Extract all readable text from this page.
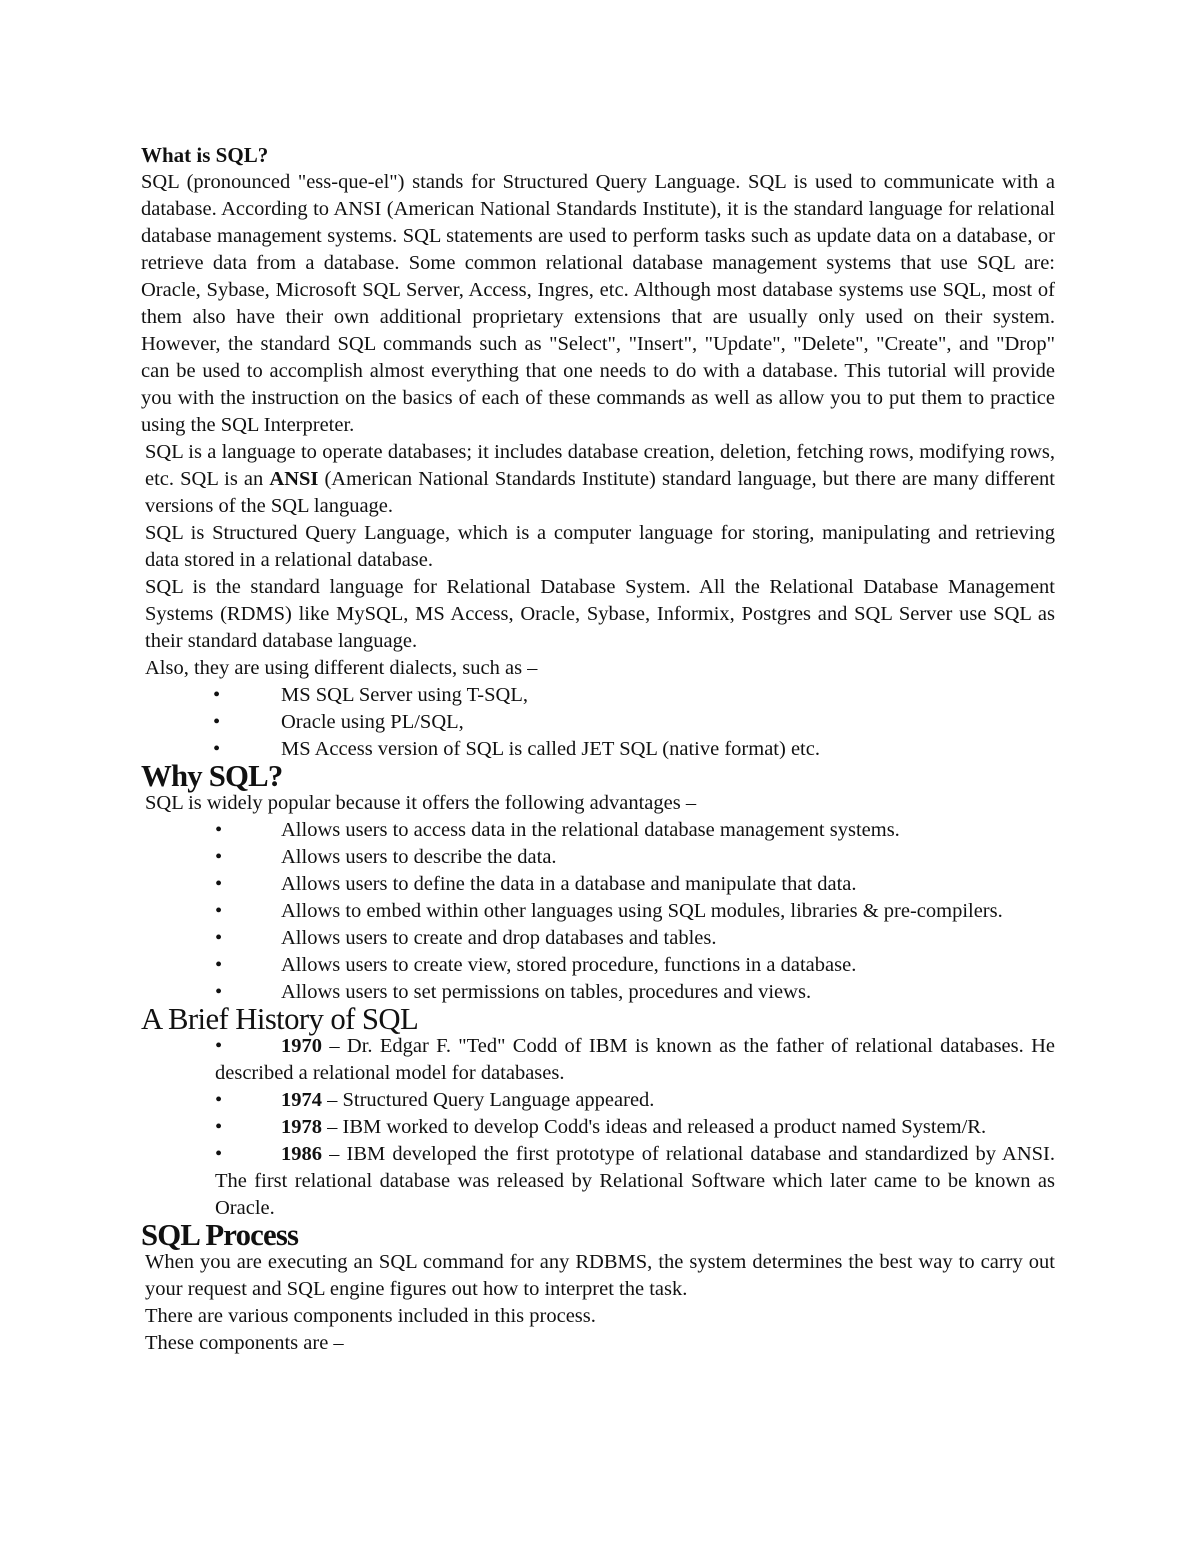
What is SQL?

SQL (pronounced "ess-que-el") stands for Structured Query Language. SQL is used to communicate with a database. According to ANSI (American National Standards Institute), it is the standard language for relational database management systems. SQL statements are used to perform tasks such as update data on a database, or retrieve data from a database. Some common relational database management systems that use SQL are: Oracle, Sybase, Microsoft SQL Server, Access, Ingres, etc. Although most database systems use SQL, most of them also have their own additional proprietary extensions that are usually only used on their system. However, the standard SQL commands such as "Select", "Insert", "Update", "Delete", "Create", and "Drop" can be used to accomplish almost everything that one needs to do with a database. This tutorial will provide you with the instruction on the basics of each of these commands as well as allow you to put them to practice using the SQL Interpreter.

SQL is a language to operate databases; it includes database creation, deletion, fetching rows, modifying rows, etc. SQL is an ANSI (American National Standards Institute) standard language, but there are many different versions of the SQL language.

SQL is Structured Query Language, which is a computer language for storing, manipulating and retrieving data stored in a relational database.

SQL is the standard language for Relational Database System. All the Relational Database Management Systems (RDMS) like MySQL, MS Access, Oracle, Sybase, Informix, Postgres and SQL Server use SQL as their standard database language.

Also, they are using different dialects, such as –

•	MS SQL Server using T-SQL,
•	Oracle using PL/SQL,
•	MS Access version of SQL is called JET SQL (native format) etc.
Why SQL?

SQL is widely popular because it offers the following advantages –

•	Allows users to access data in the relational database management systems.
•	Allows users to describe the data.
•	Allows users to define the data in a database and manipulate that data.
•	Allows to embed within other languages using SQL modules, libraries & pre-compilers.
•	Allows users to create and drop databases and tables.
•	Allows users to create view, stored procedure, functions in a database.
•	Allows users to set permissions on tables, procedures and views.
A Brief History of SQL
•	1970 – Dr. Edgar F. "Ted" Codd of IBM is known as the father of relational databases. He described a relational model for databases.
•	1974 – Structured Query Language appeared.
•	1978 – IBM worked to develop Codd's ideas and released a product named System/R.
•	1986 – IBM developed the first prototype of relational database and standardized by ANSI. The first relational database was released by Relational Software which later came to be known as Oracle.
SQL Process

When you are executing an SQL command for any RDBMS, the system determines the best way to carry out your request and SQL engine figures out how to interpret the task.

There are various components included in this process.

These components are –
